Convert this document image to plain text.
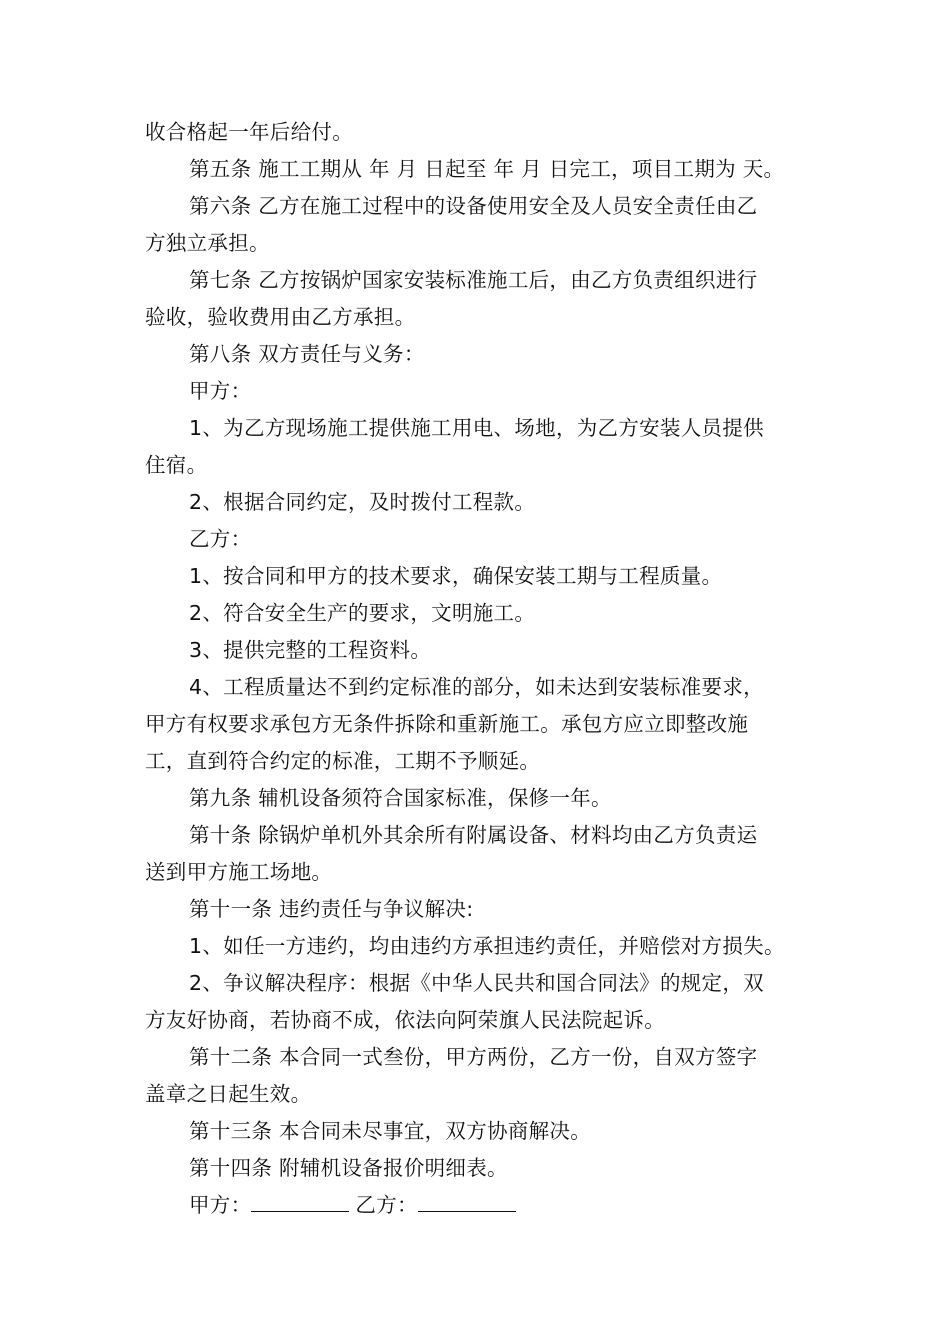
收合格起一年后给付。

第五条 施工工期从 年 月 日起至 年 月 日完工，项目工期为 天。

第六条 乙方在施工过程中的设备使用安全及人员安全责任由乙

方独立承担。

第七条 乙方按锅炉国家安装标准施工后，由乙方负责组织进行

验收，验收费用由乙方承担。

第八条 双方责任与义务：

甲方：

1、为乙方现场施工提供施工用电、场地，为乙方安装人员提供

住宿。

2、根据合同约定，及时拨付工程款。

乙方：

1、按合同和甲方的技术要求，确保安装工期与工程质量。

2、符合安全生产的要求，文明施工。

3、提供完整的工程资料。

4、工程质量达不到约定标准的部分，如未达到安装标准要求，

甲方有权要求承包方无条件拆除和重新施工。承包方应立即整改施

工，直到符合约定的标准，工期不予顺延。

第九条 辅机设备须符合国家标准，保修一年。

第十条 除锅炉单机外其余所有附属设备、材料均由乙方负责运

送到甲方施工场地。

第十一条 违约责任与争议解决:

1、如任一方违约，均由违约方承担违约责任，并赔偿对方损失。

2、争议解决程序：根据《中华人民共和国合同法》的规定，双

方友好协商，若协商不成，依法向阿荣旗人民法院起诉。

第十二条 本合同一式叁份，甲方两份，乙方一份，自双方签字

盖章之日起生效。

第十三条 本合同未尽事宜，双方协商解决。

第十四条 附辅机设备报价明细表。

甲方：	乙方：
